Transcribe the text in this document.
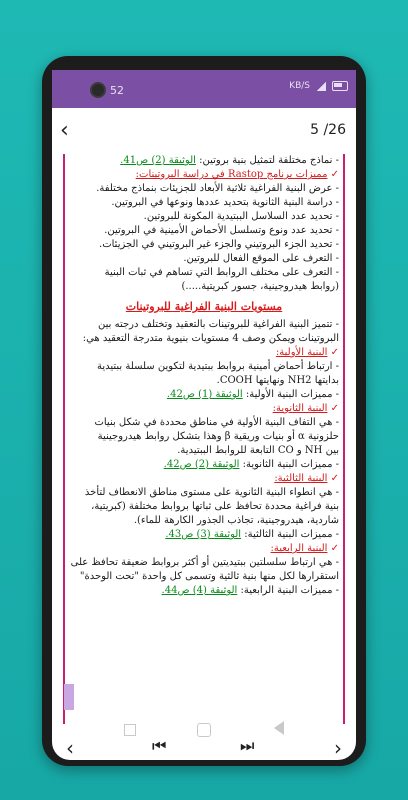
52	KB/S
‹	5 /26
- نماذج مختلفة لتمثيل بنية بروتين: الوثيقة (2) ص41.
✓ مميزات برنامج Rastop في دراسة البروتينات:
- عرض البنية الفراغية ثلاثية الأبعاد للجزيئات بنماذج مختلفة.
- دراسة البنية الثانوية بتحديد عددها ونوعها في البروتين.
- تحديد عدد السلاسل الببتيدية المكونة للبروتين.
- تحديد عدد ونوع وتسلسل الأحماض الأمينية في البروتين.
- تحديد الجزء البروتيني والجزء غير البروتيني في الجزيئات.
- التعرف على الموقع الفعال للبروتين.
- التعرف على مختلف الروابط التي تساهم في ثبات البنية
(روابط هيدروجينية، جسور كبريتية.....)
مستويات البنية الفراغية للبروتينات
- تتميز البنية الفراغية للبروتينات بالتعقيد وتختلف درجته بين
البروتينات ويمكن وصف 4 مستويات بنيوية متدرجة التعقيد هي:
✓ البنية الأولية:
- ارتباط أحماض أمينية بروابط ببتيدية لتكوين سلسلة ببتيدية
بدايتها NH2 ونهايتها COOH.
- مميزات البنية الأولية: الوثيقة (1) ص42.
✓ البنية الثانوية:
- هي التفاف البنية الأولية في مناطق محددة في شكل بنيات
حلزونية α أو بنيات وريقية β وهذا بتشكل روابط هيدروجينية
بين NH و CO التابعة للروابط الببتيدية.
- مميزات البنية الثانوية: الوثيقة (2) ص42.
✓ البنية الثالثية:
- هي انطواء البنية الثانوية على مستوى مناطق الانعطاف لتأخذ
بنية فراغية محددة تحافظ على ثباتها بروابط مختلفة (كبريتية،
شاردية، هيدروجينية، تجاذب الجذور الكارهة للماء).
- مميزات البنية الثالثية: الوثيقة (3) ص43.
✓ البنية الرابعية:
- هي ارتباط سلسلتين ببتيديتين أو أكثر بروابط ضعيفة تحافظ على
استقرارها لكل منها بنية ثالثية وتسمى كل واحدة "تحت الوحدة"
- مميزات البنية الرابعية: الوثيقة (4) ص44.
‹	⏮	⏭	›
